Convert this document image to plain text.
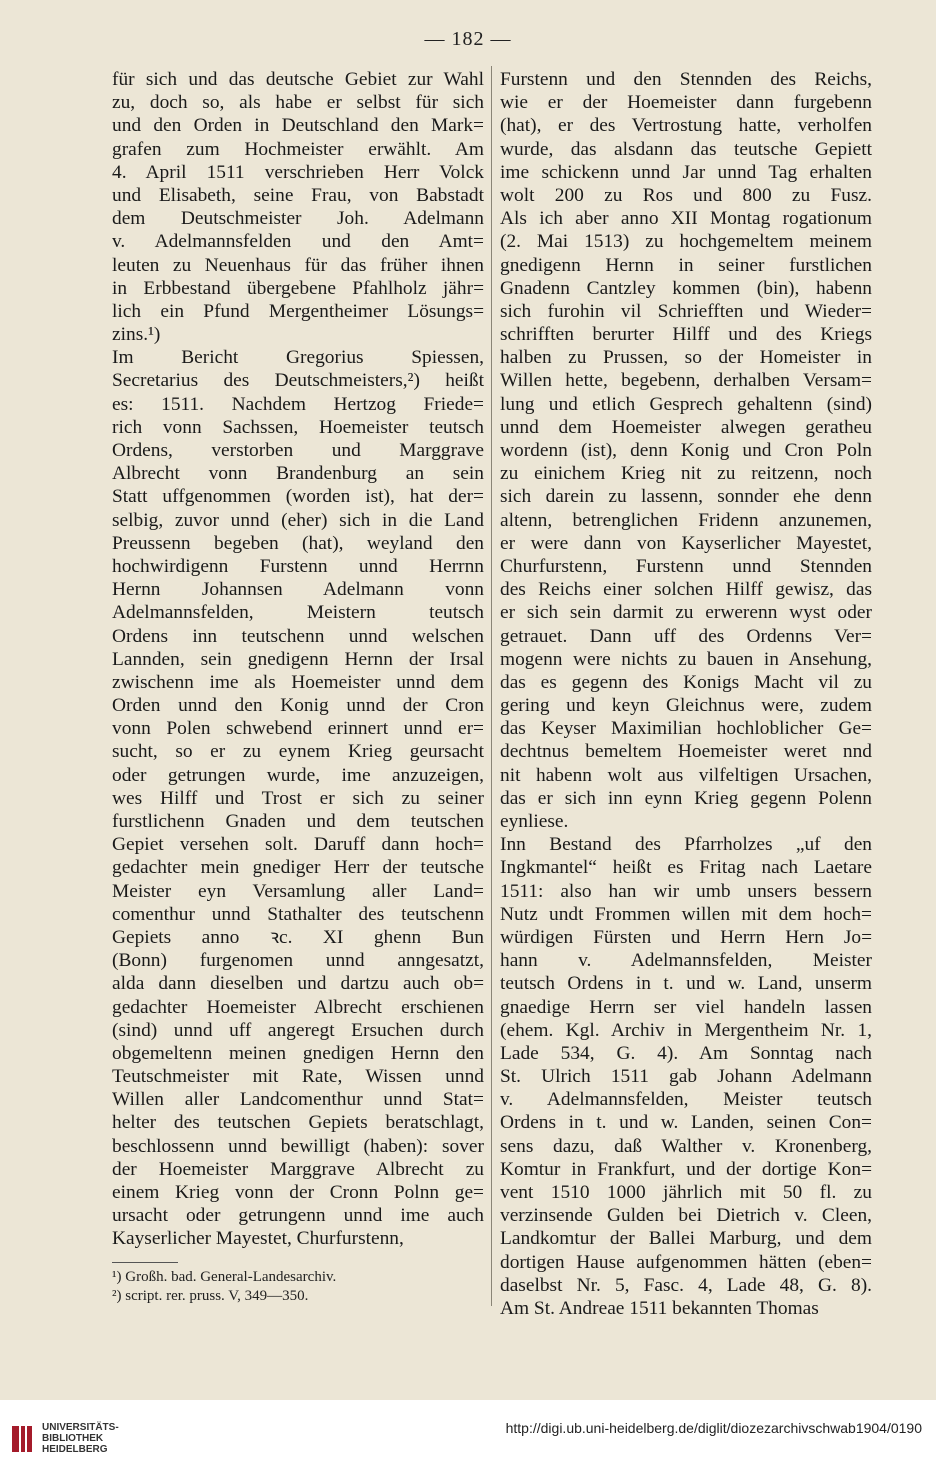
— 182 —
für sich und das deutsche Gebiet zur Wahl
zu, doch so, als habe er selbst für sich
und den Orden in Deutschland den Mark=
grafen zum Hochmeister erwählt. Am
4. April 1511 verschrieben Herr Volck
und Elisabeth, seine Frau, von Babstadt
dem Deutschmeister Joh. Adelmann
v. Adelmannsfelden und den Amt=
leuten zu Neuenhaus für das früher ihnen
in Erbbestand übergebene Pfahlholz jähr=
lich ein Pfund Mergentheimer Lösungs=
zins.¹)
Im Bericht Gregorius Spiessen,
Secretarius des Deutschmeisters,²) heißt
es: 1511. Nachdem Hertzog Friede=
rich vonn Sachssen, Hoemeister teutsch
Ordens, verstorben und Marggrave
Albrecht vonn Brandenburg an sein
Statt uffgenommen (worden ist), hat der=
selbig, zuvor unnd (eher) sich in die Land
Preussenn begeben (hat), weyland den
hochwirdigenn Furstenn unnd Herrnn
Hernn Johannsen Adelmann vonn
Adelmannsfelden, Meistern teutsch
Ordens inn teutschenn unnd welschen
Lannden, sein gnedigenn Hernn der Irsal
zwischenn ime als Hoemeister unnd dem
Orden unnd den Konig unnd der Cron
vonn Polen schwebend erinnert unnd er=
sucht, so er zu eynem Krieg geursacht
oder getrungen wurde, ime anzuzeigen,
wes Hilff und Trost er sich zu seiner
furstlichenn Gnaden und dem teutschen
Gepiet versehen solt. Daruff dann hoch=
gedachter mein gnediger Herr der teutsche
Meister eyn Versamlung aller Land=
comenthur unnd Stathalter des teutschenn
Gepiets anno ꝛc. XI ghenn Bun
(Bonn) furgenomen unnd anngesatzt,
alda dann dieselben und dartzu auch ob=
gedachter Hoemeister Albrecht erschienen
(sind) unnd uff angeregt Ersuchen durch
obgemeltenn meinen gnedigen Hernn den
Teutschmeister mit Rate, Wissen unnd
Willen aller Landcomenthur unnd Stat=
helter des teutschen Gepiets beratschlagt,
beschlossenn unnd bewilligt (haben): sover
der Hoemeister Marggrave Albrecht zu
einem Krieg vonn der Cronn Polnn ge=
ursacht oder getrungenn unnd ime auch
Kayserlicher Mayestet, Churfurstenn,
Furstenn und den Stennden des Reichs,
wie er der Hoemeister dann furgebenn
(hat), er des Vertrostung hatte, verholfen
wurde, das alsdann das teutsche Gepiett
ime schickenn unnd Jar unnd Tag erhalten
wolt 200 zu Ros und 800 zu Fusz.
Als ich aber anno XII Montag rogationum
(2. Mai 1513) zu hochgemeltem meinem
gnedigenn Hernn in seiner furstlichen
Gnadenn Cantzley kommen (bin), habenn
sich furohin vil Schriefften und Wieder=
schrifften berurter Hilff und des Kriegs
halben zu Prussen, so der Homeister in
Willen hette, begebenn, derhalben Versam=
lung und etlich Gesprech gehaltenn (sind)
unnd dem Hoemeister alwegen geratheu
wordenn (ist), denn Konig und Cron Poln
zu einichem Krieg nit zu reitzenn, noch
sich darein zu lassenn, sonnder ehe denn
altenn, betrenglichen Fridenn anzunemen,
er were dann von Kayserlicher Mayestet,
Churfurstenn, Furstenn unnd Stennden
des Reichs einer solchen Hilff gewisz, das
er sich sein darmit zu erwerenn wyst oder
getrauet. Dann uff des Ordenns Ver=
mogenn were nichts zu bauen in Ansehung,
das es gegenn des Konigs Macht vil zu
gering und keyn Gleichnus were, zudem
das Keyser Maximilian hochloblicher Ge=
dechtnus bemeltem Hoemeister weret nnd
nit habenn wolt aus vilfeltigen Ursachen,
das er sich inn eynn Krieg gegenn Polenn
eynliese.
Inn Bestand des Pfarrholzes „uf den
Ingkmantel“ heißt es Fritag nach Laetare
1511: also han wir umb unsers bessern
Nutz undt Frommen willen mit dem hoch=
würdigen Fürsten und Herrn Hern Jo=
hann v. Adelmannsfelden, Meister
teutsch Ordens in t. und w. Land, unserm
gnaedige Herrn ser viel handeln lassen
(ehem. Kgl. Archiv in Mergentheim Nr. 1,
Lade 534, G. 4). Am Sonntag nach
St. Ulrich 1511 gab Johann Adelmann
v. Adelmannsfelden, Meister teutsch
Ordens in t. und w. Landen, seinen Con=
sens dazu, daß Walther v. Kronenberg,
Komtur in Frankfurt, und der dortige Kon=
vent 1510 1000 jährlich mit 50 fl. zu
verzinsende Gulden bei Dietrich v. Cleen,
Landkomtur der Ballei Marburg, und dem
dortigen Hause aufgenommen hätten (eben=
daselbst Nr. 5, Fasc. 4, Lade 48, G. 8).
Am St. Andreae 1511 bekannten Thomas
¹) Großh. bad. General-Landesarchiv.
²) script. rer. pruss. V, 349—350.
UNIVERSITÄTS-
BIBLIOTHEK
HEIDELBERG
http://digi.ub.uni-heidelberg.de/diglit/diozezarchivschwab1904/0190
